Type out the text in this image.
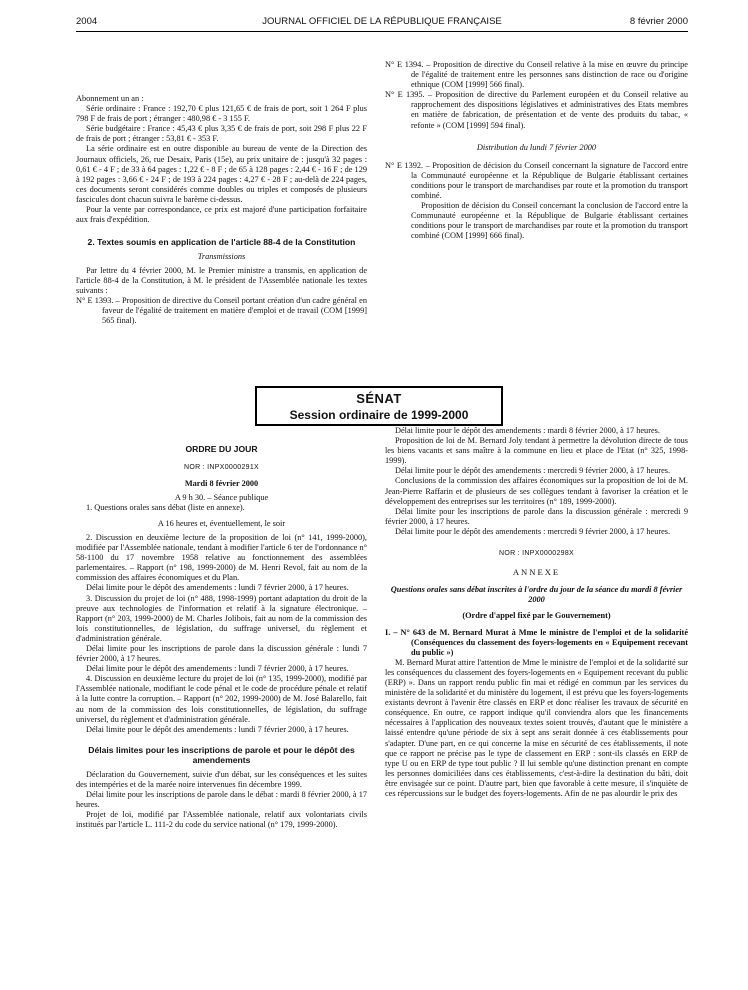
2004	JOURNAL OFFICIEL DE LA RÉPUBLIQUE FRANÇAISE	8 février 2000

Abonnement un an :

Série ordinaire : France : 192,70 € plus 121,65 € de frais de port, soit 1 264 F plus 798 F de frais de port ; étranger : 480,98 € - 3 155 F.

Série budgétaire : France : 45,43 € plus 3,35 € de frais de port, soit 298 F plus 22 F de frais de port ; étranger : 53,81 € - 353 F.

La série ordinaire est en outre disponible au bureau de vente de la Direction des Journaux officiels, 26, rue Desaix, Paris (15e), au prix unitaire de : jusqu'à 32 pages : 0,61 € - 4 F ; de 33 à 64 pages : 1,22 € - 8 F ; de 65 à 128 pages : 2,44 € - 16 F ; de 129 à 192 pages : 3,66 € - 24 F ; de 193 à 224 pages : 4,27 € - 28 F ; au-delà de 224 pages, ces documents seront considérés comme doubles ou triples et composés de plusieurs fascicules dont chacun suivra le barème ci-dessus.

Pour la vente par correspondance, ce prix est majoré d'une participation forfaitaire aux frais d'expédition.

2. Textes soumis en application de l'article 88-4 de la Constitution

Transmissions

Par lettre du 4 février 2000, M. le Premier ministre a transmis, en application de l'article 88-4 de la Constitution, à M. le président de l'Assemblée nationale les textes suivants :

N° E 1393. – Proposition de directive du Conseil portant création d'un cadre général en faveur de l'égalité de traitement en matière d'emploi et de travail (COM [1999] 565 final).

N° E 1394. – Proposition de directive du Conseil relative à la mise en œuvre du principe de l'égalité de traitement entre les personnes sans distinction de race ou d'origine ethnique (COM [1999] 566 final).

N° E 1395. – Proposition de directive du Parlement européen et du Conseil relative au rapprochement des dispositions législatives et administratives des Etats membres en matière de fabrication, de présentation et de vente des produits du tabac, « refonte » (COM [1999] 594 final).

Distribution du lundi 7 février 2000

N° E 1392. – Proposition de décision du Conseil concernant la signature de l'accord entre la Communauté européenne et la République de Bulgarie établissant certaines conditions pour le transport de marchandises par route et la promotion du transport combiné.

Proposition de décision du Conseil concernant la conclusion de l'accord entre la Communauté européenne et la République de Bulgarie établissant certaines conditions pour le transport de marchandises par route et la promotion du transport combiné (COM [1999] 666 final).

SÉNAT
Session ordinaire de 1999-2000

ORDRE DU JOUR

NOR : INPX0000291X

Mardi 8 février 2000

A 9 h 30. – Séance publique

1. Questions orales sans débat (liste en annexe).

A 16 heures et, éventuellement, le soir

2. Discussion en deuxième lecture de la proposition de loi (n° 141, 1999-2000), modifiée par l'Assemblée nationale, tendant à modifier l'article 6 ter de l'ordonnance n° 58-1100 du 17 novembre 1958 relative au fonctionnement des assemblées parlementaires. – Rapport (n° 198, 1999-2000) de M. Henri Revol, fait au nom de la commission des affaires économiques et du Plan.

Délai limite pour le dépôt des amendements : lundi 7 février 2000, à 17 heures.

3. Discussion du projet de loi (n° 488, 1998-1999) portant adaptation du droit de la preuve aux technologies de l'information et relatif à la signature électronique. – Rapport (n° 203, 1999-2000) de M. Charles Jolibois, fait au nom de la commission des lois constitutionnelles, de législation, du suffrage universel, du règlement et d'administration générale.

Délai limite pour les inscriptions de parole dans la discussion générale : lundi 7 février 2000, à 17 heures.

Délai limite pour le dépôt des amendements : lundi 7 février 2000, à 17 heures.

4. Discussion en deuxième lecture du projet de loi (n° 135, 1999-2000), modifié par l'Assemblée nationale, modifiant le code pénal et le code de procédure pénale et relatif à la lutte contre la corruption. – Rapport (n° 202, 1999-2000) de M. José Balarello, fait au nom de la commission des lois constitutionnelles, de législation, du suffrage universel, du règlement et d'administration générale.

Délai limite pour le dépôt des amendements : lundi 7 février 2000, à 17 heures.

Délais limites pour les inscriptions de parole et pour le dépôt des amendements

Déclaration du Gouvernement, suivie d'un débat, sur les conséquences et les suites des intempéries et de la marée noire intervenues fin décembre 1999.

Délai limite pour les inscriptions de parole dans le débat : mardi 8 février 2000, à 17 heures.

Projet de loi, modifié par l'Assemblée nationale, relatif aux volontariats civils institués par l'article L. 111-2 du code du service national (n° 179, 1999-2000).

Délai limite pour le dépôt des amendements : mardi 8 février 2000, à 17 heures.

Proposition de loi de M. Bernard Joly tendant à permettre la dévolution directe de tous les biens vacants et sans maître à la commune en lieu et place de l'Etat (n° 325, 1998-1999).

Délai limite pour le dépôt des amendements : mercredi 9 février 2000, à 17 heures.

Conclusions de la commission des affaires économiques sur la proposition de loi de M. Jean-Pierre Raffarin et de plusieurs de ses collègues tendant à favoriser la création et le développement des entreprises sur les territoires (n° 189, 1999-2000).

Délai limite pour les inscriptions de parole dans la discussion générale : mercredi 9 février 2000, à 17 heures.

Délai limite pour le dépôt des amendements : mercredi 9 février 2000, à 17 heures.

NOR : INPX0000298X

ANNEXE

Questions orales sans débat inscrites à l'ordre du jour de la séance du mardi 8 février 2000

(Ordre d'appel fixé par le Gouvernement)

I. – N° 643 de M. Bernard Murat à Mme le ministre de l'emploi et de la solidarité (Conséquences du classement des foyers-logements en « Equipement recevant du public »)

M. Bernard Murat attire l'attention de Mme le ministre de l'emploi et de la solidarité sur les conséquences du classement des foyers-logements en « Equipement recevant du public (ERP) ». Dans un rapport rendu public fin mai et rédigé en commun par les services du ministère de la solidarité et du ministère du logement, il est prévu que les foyers-logements existants devront à l'avenir être classés en ERP et donc réaliser les travaux de sécurité en conséquence. En outre, ce rapport indique qu'il conviendra alors que les financements nécessaires à l'application des nouveaux textes soient trouvés, d'autant que le ministère a laissé entendre qu'une période de six à sept ans serait donnée à ces établissements pour s'adapter. D'une part, en ce qui concerne la mise en sécurité de ces établissements, il note que ce rapport ne précise pas le type de classement en ERP : sont-ils classés en ERP de type U ou en ERP de type tout public ? Il lui semble qu'une distinction prenant en compte les personnes domiciliées dans ces établissements, c'est-à-dire la destination du bâti, doit être envisagée sur ce point. D'autre part, bien que favorable à cette mesure, il s'inquiète de ces répercussions sur le budget des foyers-logements. Afin de ne pas alourdir le prix des
